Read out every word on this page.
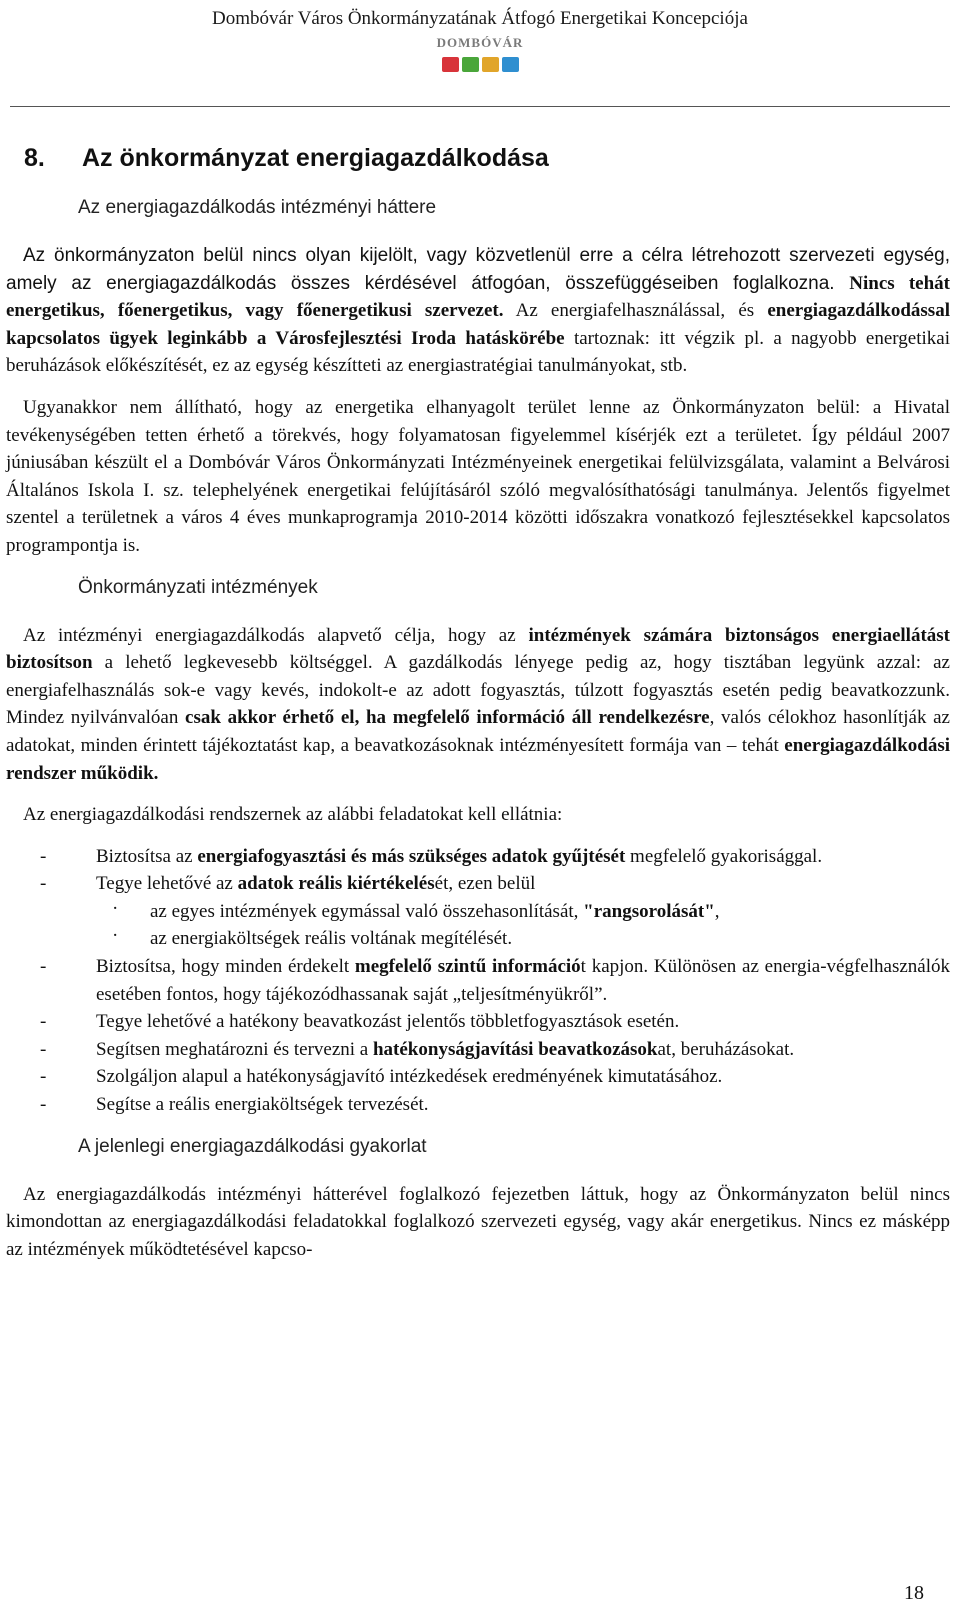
Dombóvár Város Önkormányzatának Átfogó Energetikai Koncepciója
DOMBÓVÁR
8.	Az önkormányzat energiagazdálkodása
Az energiagazdálkodás intézményi háttere

Az önkormányzaton belül nincs olyan kijelölt, vagy közvetlenül erre a célra létrehozott szervezeti egység, amely az energiagazdálkodás összes kérdésével átfogóan, összefüggéseiben foglalkozna. Nincs tehát energetikus, főenergetikus, vagy főenergetikusi szervezet. Az energiafelhasználással, és energiagazdálkodással kapcsolatos ügyek leginkább a Városfejlesztési Iroda hatáskörébe tartoznak: itt végzik pl. a nagyobb energetikai beruházások előkészítését, ez az egység készítteti az energiastratégiai tanulmányokat, stb.

Ugyanakkor nem állítható, hogy az energetika elhanyagolt terület lenne az Önkormányzaton belül: a Hivatal tevékenységében tetten érhető a törekvés, hogy folyamatosan figyelemmel kísérjék ezt a területet. Így például 2007 júniusában készült el a Dombóvár Város Önkormányzati Intézményeinek energetikai felülvizsgálata, valamint a Belvárosi Általános Iskola I. sz. telephelyének energetikai felújításáról szóló megvalósíthatósági tanulmánya. Jelentős figyelmet szentel a területnek a város 4 éves munkaprogramja 2010-2014 közötti időszakra vonatkozó fejlesztésekkel kapcsolatos programpontja is.

Önkormányzati intézmények

Az intézményi energiagazdálkodás alapvető célja, hogy az intézmények számára biztonságos energiaellátást biztosítson a lehető legkevesebb költséggel. A gazdálkodás lényege pedig az, hogy tisztában legyünk azzal: az energiafelhasználás sok-e vagy kevés, indokolt-e az adott fogyasztás, túlzott fogyasztás esetén pedig beavatkozzunk. Mindez nyilvánvalóan csak akkor érhető el, ha megfelelő információ áll rendelkezésre, valós célokhoz hasonlítják az adatokat, minden érintett tájékoztatást kap, a beavatkozásoknak intézményesített formája van – tehát energiagazdálkodási rendszer működik.

Az energiagazdálkodási rendszernek az alábbi feladatokat kell ellátnia:

-	Biztosítsa az energiafogyasztási és más szükséges adatok gyűjtését megfelelő gyakorisággal.
-	Tegye lehetővé az adatok reális kiértékelését, ezen belül
· az egyes intézmények egymással való összehasonlítását, "rangsorolását",
· az energiaköltségek reális voltának megítélését.
-	Biztosítsa, hogy minden érdekelt megfelelő szintű információt kapjon. Különösen az energia-végfelhasználók esetében fontos, hogy tájékozódhassanak saját „teljesítményükről”.
-	Tegye lehetővé a hatékony beavatkozást jelentős többletfogyasztások esetén.
-	Segítsen meghatározni és tervezni a hatékonyságjavítási beavatkozásokat, beruházásokat.
-	Szolgáljon alapul a hatékonyságjavító intézkedések eredményének kimutatásához.
-	Segítse a reális energiaköltségek tervezését.
A jelenlegi energiagazdálkodási gyakorlat

Az energiagazdálkodás intézményi hátterével foglalkozó fejezetben láttuk, hogy az Önkormányzaton belül nincs kimondottan az energiagazdálkodási feladatokkal foglalkozó szervezeti egység, vagy akár energetikus. Nincs ez másképp az intézmények működtetésével kapcso-

18
